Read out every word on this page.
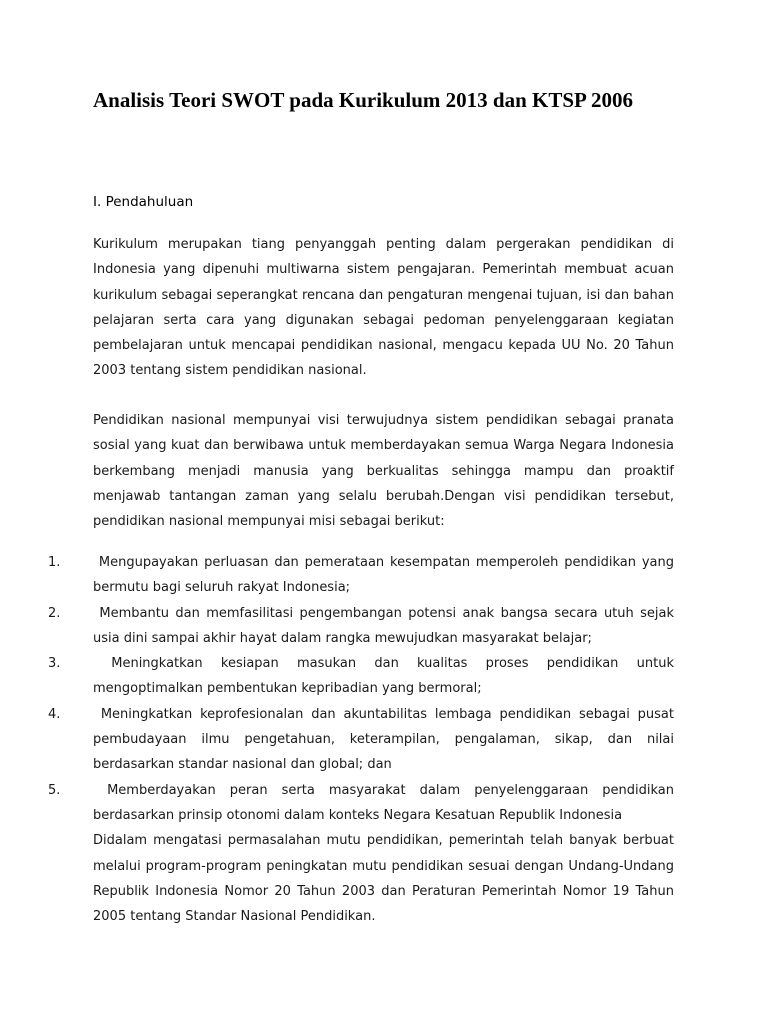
Analisis Teori SWOT pada Kurikulum 2013 dan KTSP 2006
I. Pendahuluan

Kurikulum merupakan tiang penyanggah penting dalam pergerakan pendidikan di Indonesia yang dipenuhi multiwarna sistem pengajaran. Pemerintah membuat acuan kurikulum sebagai seperangkat rencana dan pengaturan mengenai tujuan, isi dan bahan pelajaran serta cara yang digunakan sebagai pedoman penyelenggaraan kegiatan pembelajaran untuk mencapai pendidikan nasional, mengacu kepada UU No. 20 Tahun 2003 tentang sistem pendidikan nasional.

Pendidikan nasional mempunyai visi terwujudnya sistem pendidikan sebagai pranata sosial yang kuat dan berwibawa untuk memberdayakan semua Warga Negara Indonesia berkembang menjadi manusia yang berkualitas sehingga mampu dan proaktif menjawab tantangan zaman yang selalu berubah.Dengan visi pendidikan tersebut, pendidikan nasional mempunyai misi sebagai berikut:

1.	Mengupayakan perluasan dan pemerataan kesempatan memperoleh pendidikan yang bermutu bagi seluruh rakyat Indonesia;
2.	Membantu dan memfasilitasi pengembangan potensi anak bangsa secara utuh sejak usia dini sampai akhir hayat dalam rangka mewujudkan masyarakat belajar;
3.	Meningkatkan kesiapan masukan dan kualitas proses pendidikan untuk mengoptimalkan pembentukan kepribadian yang bermoral;
4.	Meningkatkan keprofesionalan dan akuntabilitas lembaga pendidikan sebagai pusat pembudayaan ilmu pengetahuan, keterampilan, pengalaman, sikap, dan nilai berdasarkan standar nasional dan global; dan
5.	Memberdayakan peran serta masyarakat dalam penyelenggaraan pendidikan berdasarkan prinsip otonomi dalam konteks Negara Kesatuan Republik Indonesia
Didalam mengatasi permasalahan mutu pendidikan, pemerintah telah banyak berbuat melalui program-program peningkatan mutu pendidikan sesuai dengan Undang-Undang Republik Indonesia Nomor 20 Tahun 2003 dan Peraturan Pemerintah Nomor 19 Tahun 2005 tentang Standar Nasional Pendidikan.
